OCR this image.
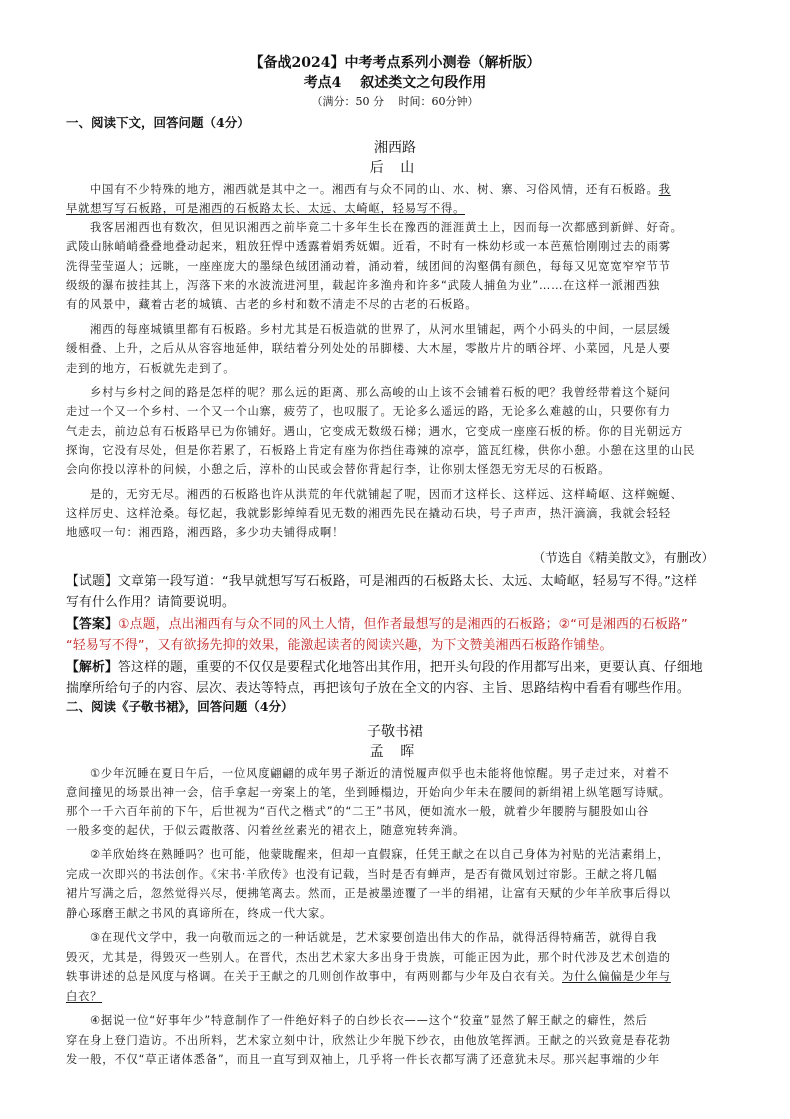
【备战2024】中考考点系列小测卷（解析版）
考点4　 叙述类文之句段作用
（满分：50 分　 时间：60分钟）
一、阅读下文，回答问题（4分）
湘西路
后 山
中国有不少特殊的地方，湘西就是其中之一。湘西有与众不同的山、水、树、寨、习俗风情，还有石板路。我
早就想写写石板路，可是湘西的石板路太长、太远、太崎岖，轻易写不得。
我客居湘西也有数次，但见识湘西之前毕竟二十多年生长在豫西的涯涯黄土上，因而每一次都感到新鲜、好奇。
武陵山脉峭峭叠叠地叠动起来，粗放狂悍中透露着娟秀妩媚。近看，不时有一株幼杉或一本芭蕉恰刚刚过去的雨雾
洗得莹莹逼人；远眺，一座座庞大的墨绿色绒团涌动着，涌动着，绒团间的沟壑偶有颜色，每每又见宽宽窄窄节节
级级的瀑布披挂其上，泻落下来的水波流进河里，载起许多渔舟和许多“武陵人捕鱼为业”……在这样一派湘西独
有的风景中，藏着古老的城镇、古老的乡村和数不清走不尽的古老的石板路。
湘西的每座城镇里都有石板路。乡村尤其是石板造就的世界了，从河水里铺起，两个小码头的中间，一层层缓
缓相叠、上升，之后从从容容地延伸，联结着分列处处的吊脚楼、大木屋，零散片片的晒谷坪、小菜园，凡是人要
走到的地方，石板就先走到了。
乡村与乡村之间的路是怎样的呢？那么远的距离、那么高峻的山上该不会铺着石板的吧？我曾经带着这个疑问
走过一个又一个乡村、一个又一个山寨，疲劳了，也叹服了。无论多么遥远的路，无论多么难越的山，只要你有力
气走去，前边总有石板路早已为你铺好。遇山，它变成无数级石梯；遇水，它变成一座座石板的桥。你的目光朝远方
探询，它没有尽处，但是你若累了，石板路上肯定有座为你挡住毒辣的凉亭，篮瓦红椽，供你小憩。小憩在这里的山民
会向你投以淳朴的问候，小憩之后，淳朴的山民或会替你背起行李，让你别太怪怨无穷无尽的石板路。
是的，无穷无尽。湘西的石板路也许从洪荒的年代就铺起了呢，因而才这样长、这样远、这样崎岖、这样蜿蜒、
这样厉史、这样沧桑。每忆起，我就影影绰绰看见无数的湘西先民在撬动石块，号子声声，热汗滴滴，我就会轻轻
地感叹一句：湘西路，湘西路，多少功夫铺得成啊！
（节选自《精美散文》，有删改）
【试题】文章第一段写道：“我早就想写写石板路，可是湘西的石板路太长、太远、太崎岖，轻易写不得。”这样
写有什么作用？请简要说明。
【答案】①点题，点出湘西有与众不同的风土人情，但作者最想写的是湘西的石板路；②“可是湘西的石板路”
“轻易写不得”，又有欲扬先抑的效果，能激起读者的阅读兴趣，为下文赞美湘西石板路作铺垫。
【解析】答这样的题，重要的不仅仅是要程式化地答出其作用，把开头句段的作用都写出来，更要认真、仔细地
揣摩所给句子的内容、层次、表达等特点，再把该句子放在全文的内容、主旨、思路结构中看看有哪些作用。
二、阅读《子敬书裙》，回答问题（4分）
子敬书裙
孟 晖
①少年沉睡在夏日午后，一位风度翩翩的成年男子渐近的清悦履声似乎也未能将他惊醒。男子走过来，对着不
意间撞见的场景出神一会，信手拿起一旁案上的笔，坐到睡榻边，开始向少年未在腰间的新绢裙上纵笔题写诗赋。
那个一千六百年前的下午，后世视为“百代之楷式”的“二王”书风，便如流水一般，就着少年腰胯与腿股如山谷
一般多变的起伏，于似云霞散落、闪着丝丝素光的裙衣上，随意宛转奔淌。
②羊欣始终在熟睡吗？也可能，他蒙眬醒来，但却一直假寐，任凭王献之在以自己身体为衬贴的光洁素绢上，
完成一次即兴的书法创作。《宋书·羊欣传》也没有记载，当时是否有蝉声，是否有微风划过帘影。王献之将几幅
裙片写满之后，忽然觉得兴尽，便拂笔离去。然而，正是被墨迹覆了一半的绢裙，让富有天赋的少年羊欣事后得以
静心琢磨王献之书风的真谛所在，终成一代大家。
③在现代文学中，我一向敬而远之的一种话就是，艺术家要创造出伟大的作品，就得活得特痛苦，就得自我
毁灭，尤其是，得毁灭一些别人。在晋代，杰出艺术家大多出身于贵族，可能正因为此，那个时代涉及艺术创造的
轶事讲述的总是风度与格调。在关于王献之的几则创作故事中，有两则都与少年及白衣有关。为什么偏偏是少年与
白衣？
④据说一位“好事年少”特意制作了一件绝好料子的白纱长衣——这个“狡童”显然了解王献之的癖性，然后
穿在身上登门造访。不出所料，艺术家立刻中计，欣然让少年脱下纱衣，由他放笔挥洒。王献之的兴致竟是春花勃
发一般，不仅“草正诸体悉备”，而且一直写到双袖上，几乎将一件长衣都写满了还意犹未尽。那兴起事端的少年
